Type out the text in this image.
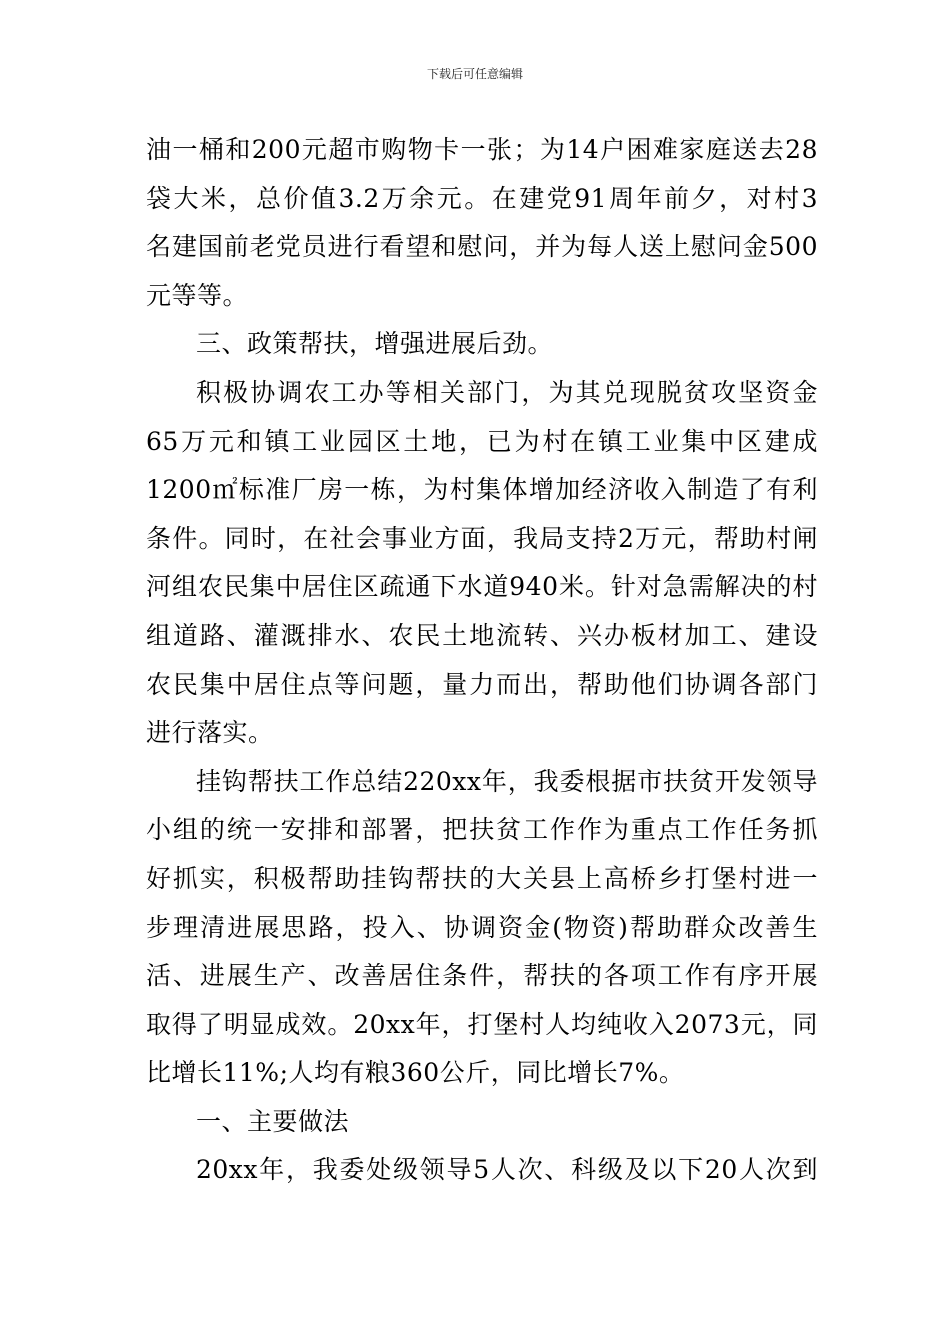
下载后可任意编辑
油一桶和200元超市购物卡一张；为14户困难家庭送去28
袋大米，总价值3.2万余元。在建党91周年前夕，对村3
名建国前老党员进行看望和慰问，并为每人送上慰问金500
元等等。
三、政策帮扶，增强进展后劲。
积极协调农工办等相关部门，为其兑现脱贫攻坚资金
65万元和镇工业园区土地，已为村在镇工业集中区建成
1200㎡标准厂房一栋，为村集体增加经济收入制造了有利
条件。同时，在社会事业方面，我局支持2万元，帮助村闸
河组农民集中居住区疏通下水道940米。针对急需解决的村
组道路、灌溉排水、农民土地流转、兴办板材加工、建设
农民集中居住点等问题，量力而出，帮助他们协调各部门
进行落实。
挂钩帮扶工作总结220xx年，我委根据市扶贫开发领导
小组的统一安排和部署，把扶贫工作作为重点工作任务抓
好抓实，积极帮助挂钩帮扶的大关县上高桥乡打堡村进一
步理清进展思路，投入、协调资金(物资)帮助群众改善生
活、进展生产、改善居住条件，帮扶的各项工作有序开展
取得了明显成效。20xx年，打堡村人均纯收入2073元，同
比增长11%;人均有粮360公斤，同比增长7%。
一、主要做法
20xx年，我委处级领导5人次、科级及以下20人次到
